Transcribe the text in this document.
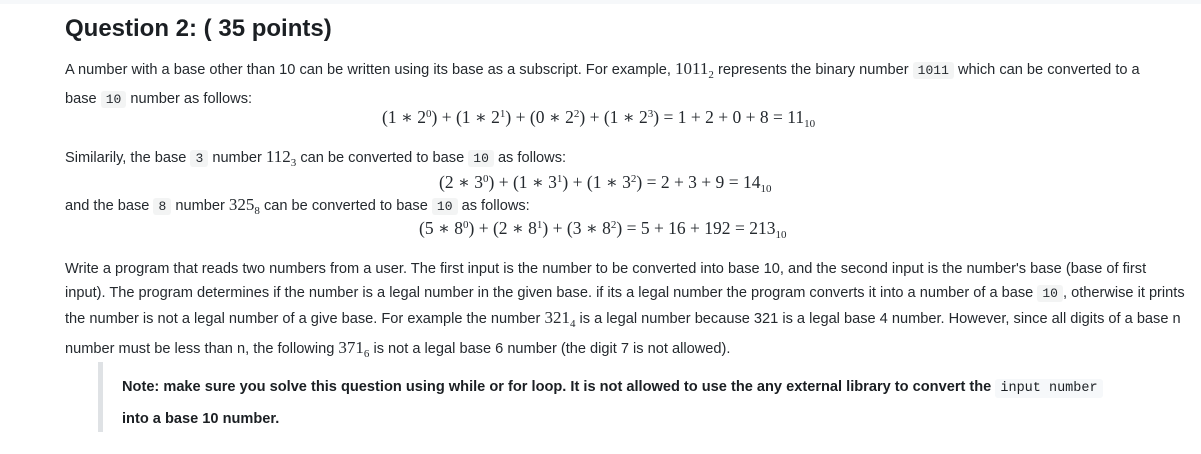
Question 2: ( 35 points)
A number with a base other than 10 can be written using its base as a subscript. For example, $1011_2$ represents the binary number 1011 which can be converted to a base 10 number as follows:
(1 ∗ $2^0) + (1$ ∗ $2^1) + (0$ ∗ $2^2) + (1$ ∗ $2^3) = 1 + 2 + 0 + 8 = 11_{10}$
Similarily, the base 3 number $112_3$ can be converted to base 10 as follows:
(2 ∗ $3^0) + (1$ ∗ $3^1) + (1$ ∗ $3^2) = 2 + 3 + 9 = 14_{10}$
and the base 8 number $325_8$ can be converted to base 10 as follows:
(5 ∗ $8^0) + (2$ ∗ $8^1) + (3$ ∗ $8^2) = 5 + 16 + 192 = 213_{10}$
Write a program that reads two numbers from a user. The first input is the number to be converted into base 10, and the second input is the number's base (base of first input). The program determines if the number is a legal number in the given base. if its a legal number the program converts it into a number of a base 10 , otherwise it prints the number is not a legal number of a give base. For example the number $321_4$ is a legal number because 321 is a legal base 4 number. However, since all digits of a base n number must be less than n, the following $371_6$ is not a legal base 6 number (the digit 7 is not allowed).
Note: make sure you solve this question using while or for loop. It is not allowed to use the any external library to convert the input number into a base 10 number.
